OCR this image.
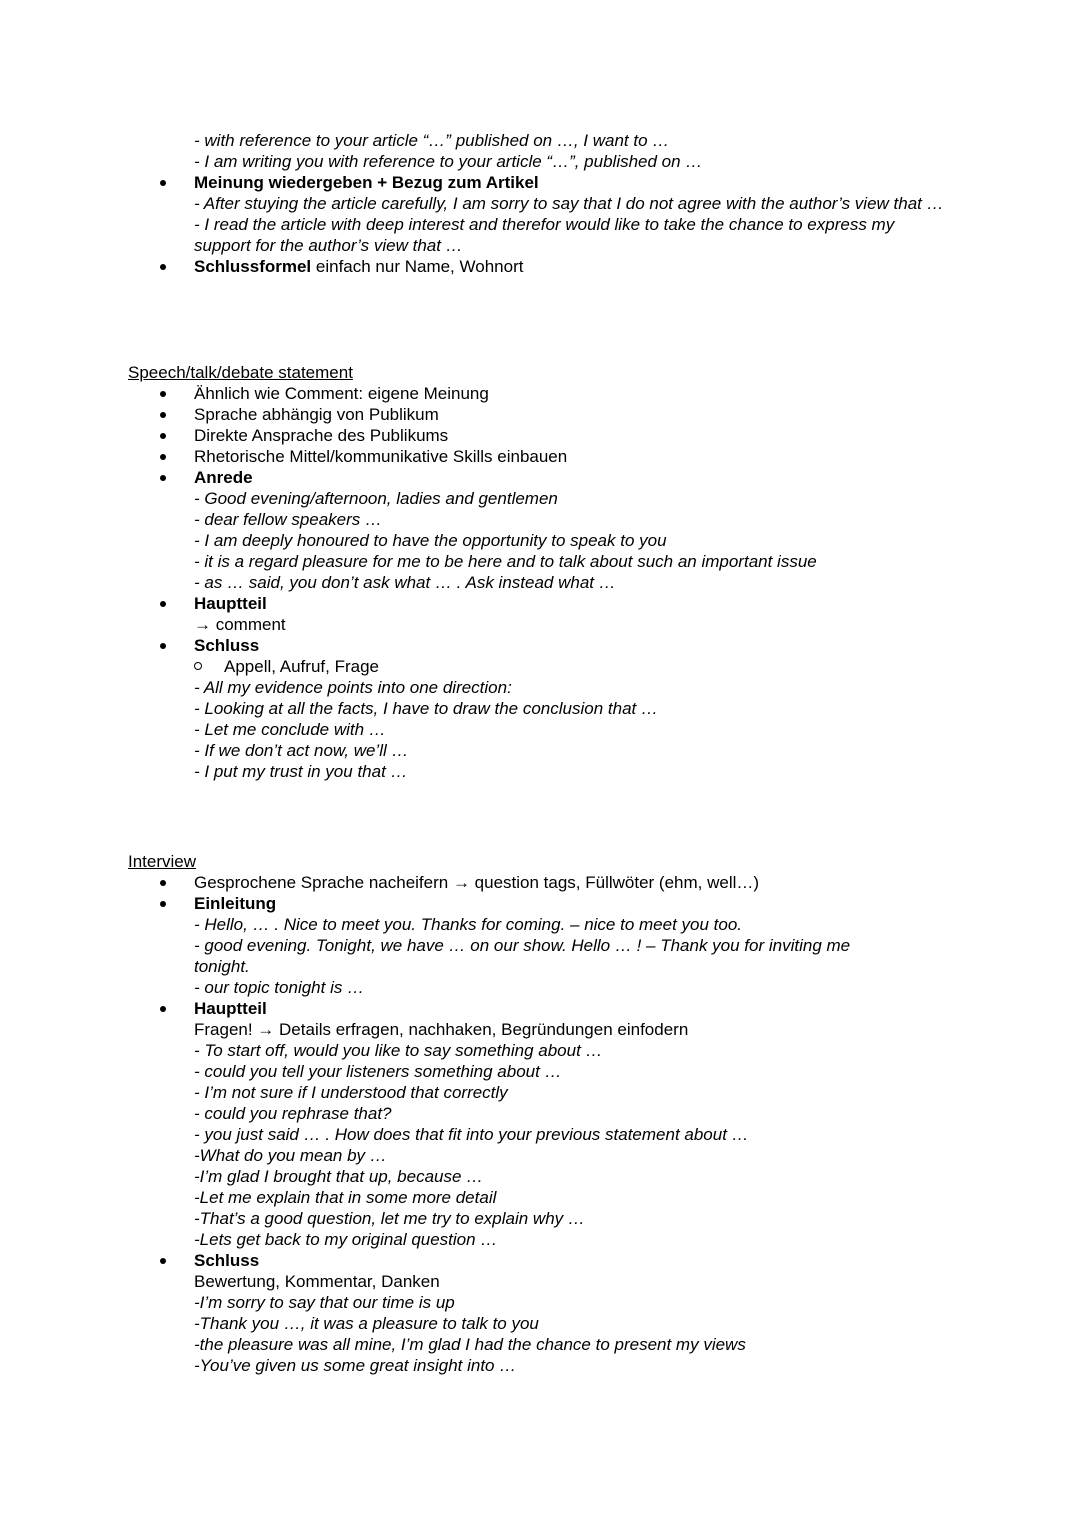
- with reference to your article “…” published on …, I want to …
- I am writing you with reference to your article “…”, published on …
Meinung wiedergeben + Bezug zum Artikel
- After stuying the article carefully, I am sorry to say that I do not agree with the author’s view that …
- I read the article with deep interest and therefor would like to take the chance to express my support for the author’s view that …
Schlussformel einfach nur Name, Wohnort
Speech/talk/debate statement
Ähnlich wie Comment: eigene Meinung
Sprache abhängig von Publikum
Direkte Ansprache des Publikums
Rhetorische Mittel/kommunikative Skills einbauen
Anrede
- Good evening/afternoon, ladies and gentlemen
- dear fellow speakers …
- I am deeply honoured to have the opportunity to speak to you
- it is a regard pleasure for me to be here and to talk about such an important issue
- as … said, you don’t ask what … . Ask instead what …
Hauptteil
→ comment
Schluss
Appell, Aufruf, Frage
- All my evidence points into one direction:
- Looking at all the facts, I have to draw the conclusion that …
- Let me conclude with …
- If we don’t act now, we’ll …
- I put my trust in you that …
Interview
Gesprochene Sprache nacheifern → question tags, Füllwöter (ehm, well…)
Einleitung
- Hello, … . Nice to meet you. Thanks for coming. – nice to meet you too.
- good evening. Tonight, we have … on our show. Hello … ! – Thank you for inviting me tonight.
- our topic tonight is …
Hauptteil
Fragen! → Details erfragen, nachhaken, Begründungen einfodern
- To start off, would you like to say something about …
- could you tell your listeners something about …
- I’m not sure if I understood that correctly
- could you rephrase that?
- you just said … . How does that fit into your previous statement about …
-What do you mean by …
-I’m glad I brought that up, because …
-Let me explain that in some more detail
-That’s a good question, let me try to explain why …
-Lets get back to my original question …
Schluss
Bewertung, Kommentar, Danken
-I’m sorry to say that our time is up
-Thank you …, it was a pleasure to talk to you
-the pleasure was all mine, I’m glad I had the chance to present my views
-You’ve given us some great insight into …
